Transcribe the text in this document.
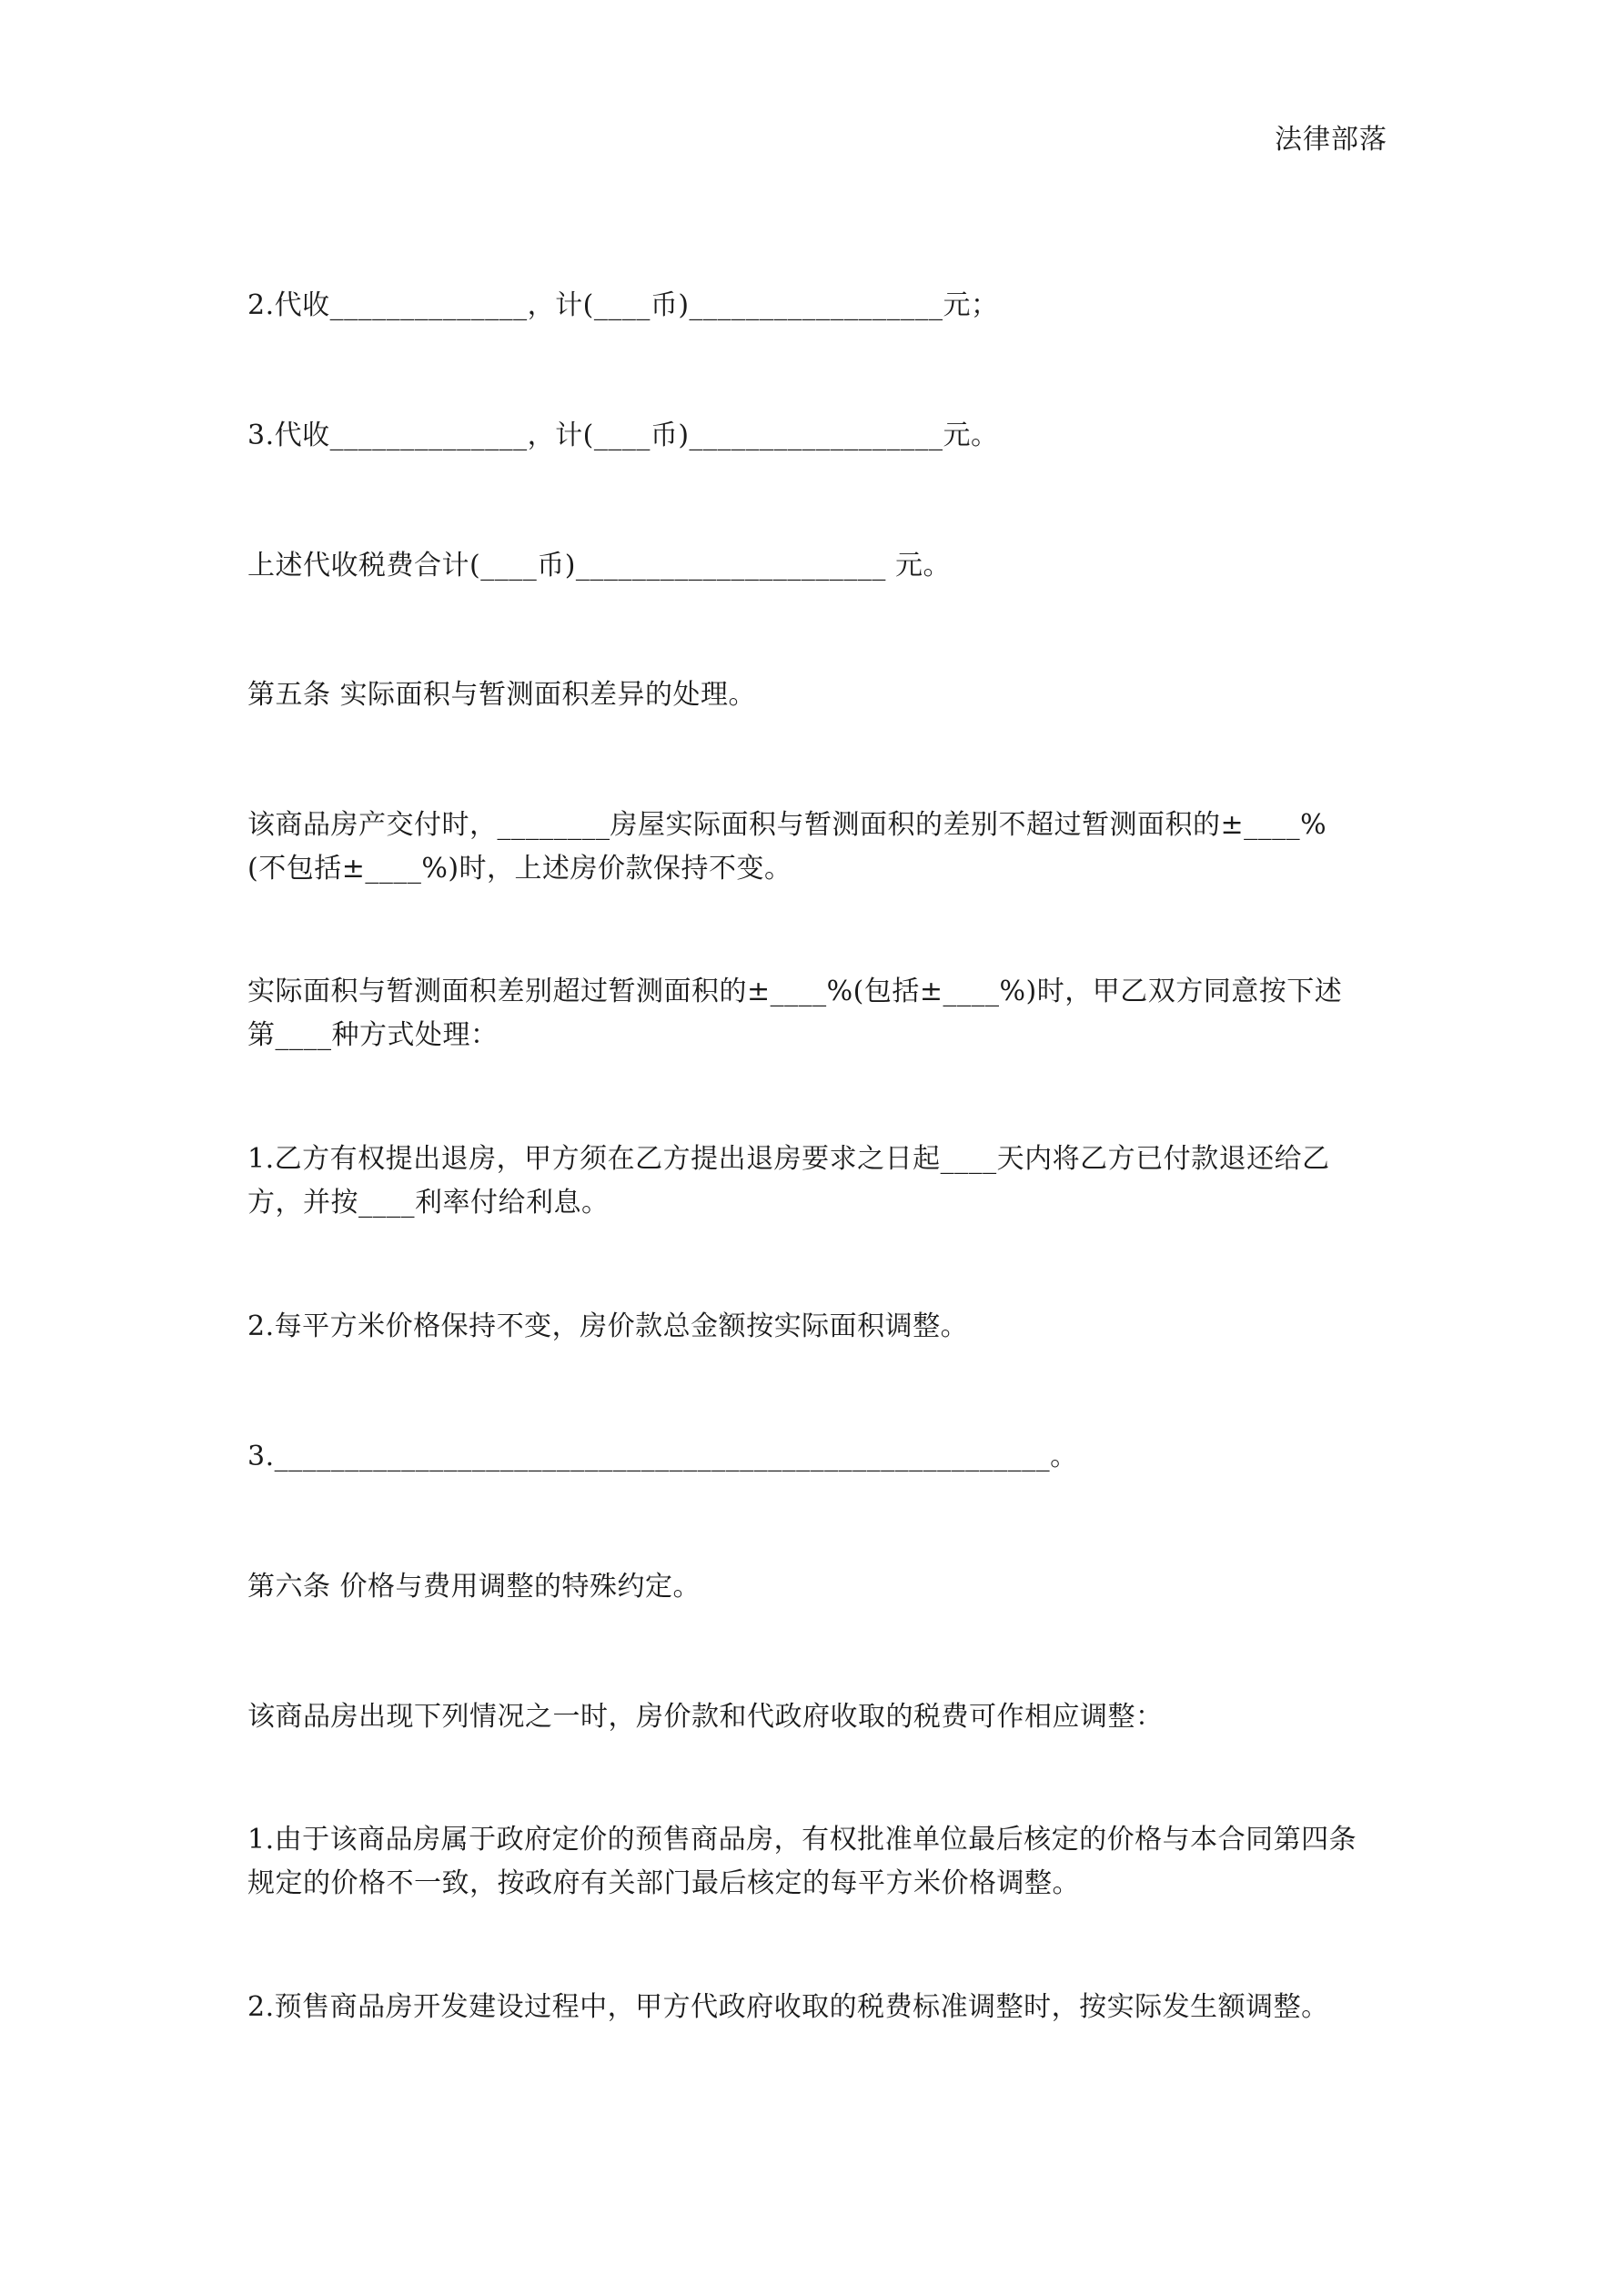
法律部落
2.代收______________，计(____币)__________________元；
3.代收______________，计(____币)__________________元。
上述代收税费合计(____币)______________________ 元。
第五条 实际面积与暂测面积差异的处理。
该商品房产交付时，________房屋实际面积与暂测面积的差别不超过暂测面积的±____%
(不包括±____%)时，上述房价款保持不变。
实际面积与暂测面积差别超过暂测面积的±____%(包括±____%)时，甲乙双方同意按下述
第____种方式处理：
1.乙方有权提出退房，甲方须在乙方提出退房要求之日起____天内将乙方已付款退还给乙
方，并按____利率付给利息。
2.每平方米价格保持不变，房价款总金额按实际面积调整。
3._______________________________________________________。
第六条 价格与费用调整的特殊约定。
该商品房出现下列情况之一时，房价款和代政府收取的税费可作相应调整：
1.由于该商品房属于政府定价的预售商品房，有权批准单位最后核定的价格与本合同第四条
规定的价格不一致，按政府有关部门最后核定的每平方米价格调整。
2.预售商品房开发建设过程中，甲方代政府收取的税费标准调整时，按实际发生额调整。
